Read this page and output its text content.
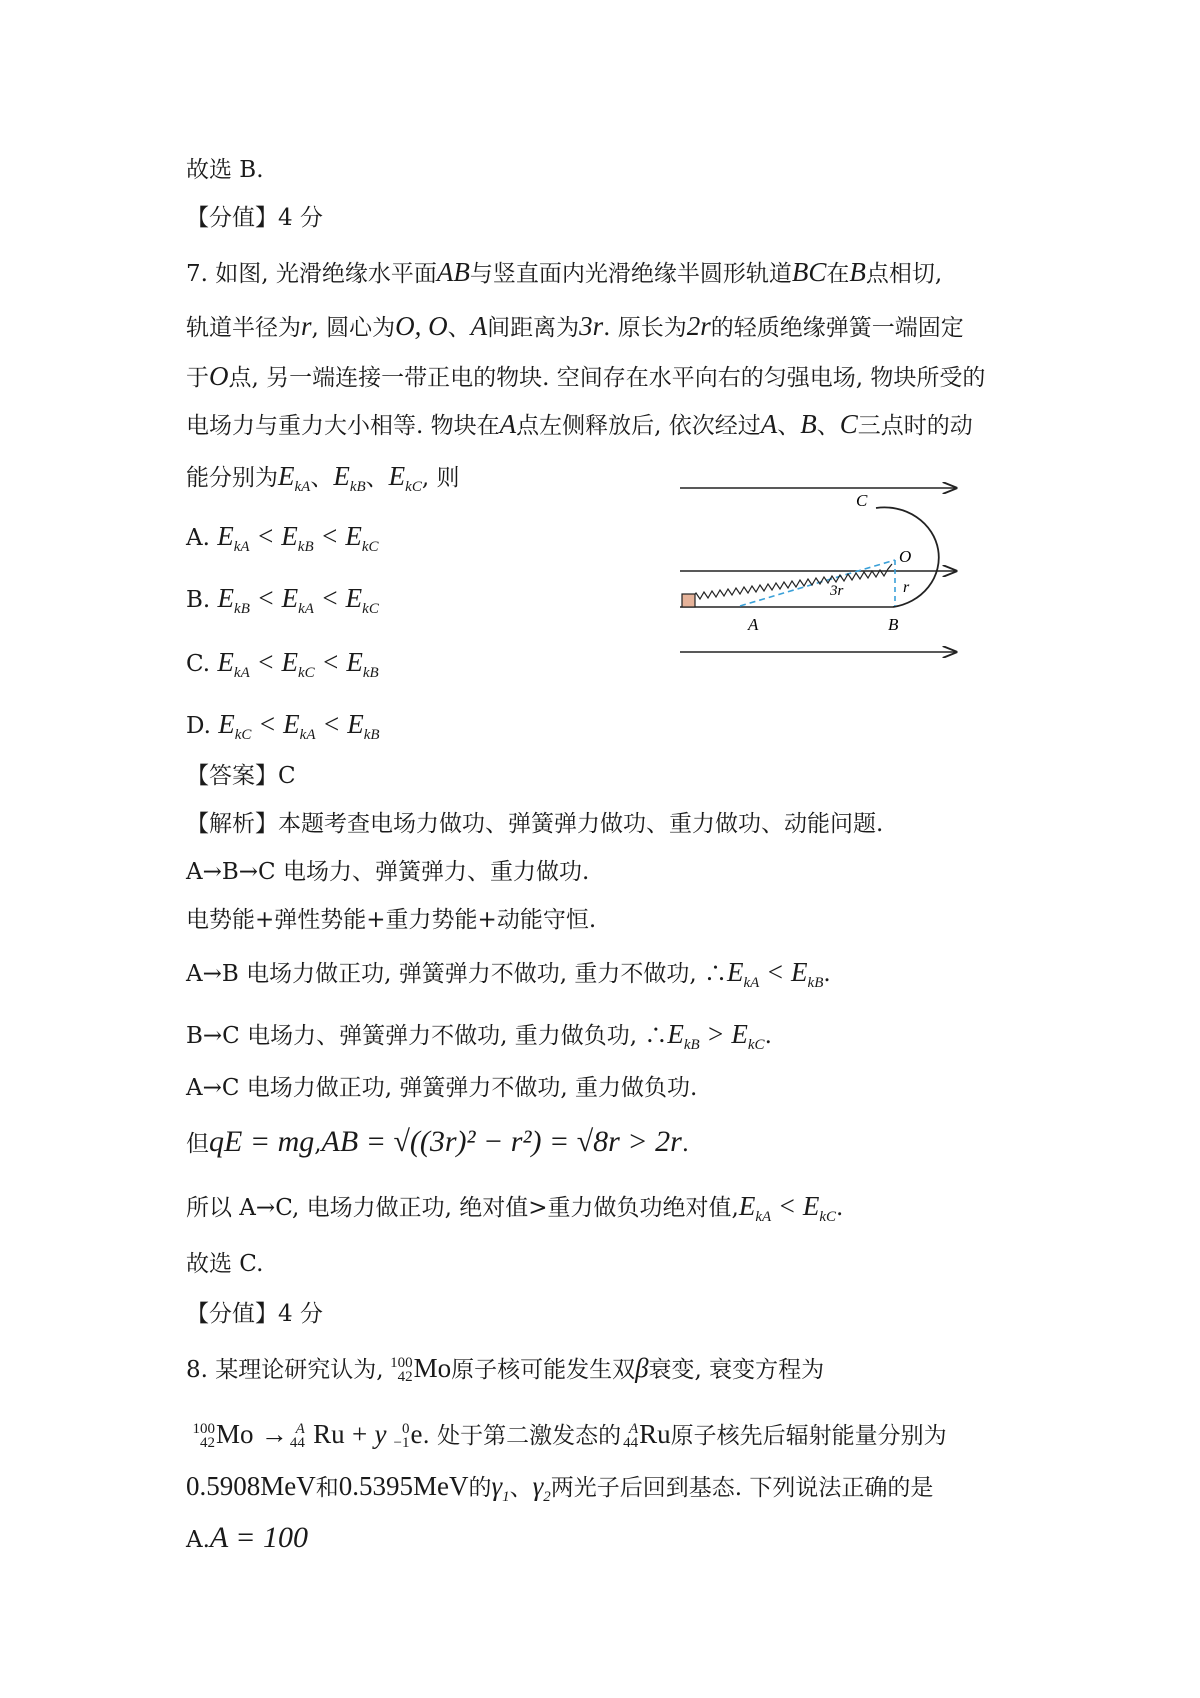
故选 B.
【分值】4 分
7. 如图, 光滑绝缘水平面AB与竖直面内光滑绝缘半圆形轨道BC在B点相切,
轨道半径为r, 圆心为O, O、A间距离为3r. 原长为2r的轻质绝缘弹簧一端固定
于O点, 另一端连接一带正电的物块. 空间存在水平向右的匀强电场, 物块所受的
电场力与重力大小相等. 物块在A点左侧释放后, 依次经过A、B、C三点时的动
能分别为$E_{kA}$、$E_{kB}$、$E_{kC}$, 则
A. $E_{kA} < E_{kB} < E_{kC}$
B. $E_{kB} < E_{kA} < E_{kC}$
C. $E_{kA} < E_{kC} < E_{kB}$
D. $E_{kC} < E_{kA} < E_{kB}$
C
O
3r	r
A	B
【答案】C
【解析】本题考查电场力做功、弹簧弹力做功、重力做功、动能问题.
A→B→C 电场力、弹簧弹力、重力做功.
电势能+弹性势能+重力势能+动能守恒.
A→B 电场力做正功, 弹簧弹力不做功, 重力不做功, $\therefore E_{kA} < E_{kB}$.
B→C 电场力、弹簧弹力不做功, 重力做负功, $\therefore E_{kB} > E_{kC}$.
A→C 电场力做正功, 弹簧弹力不做功, 重力做负功.
但qE = mg,AB = √((3r)² − r²) = √8r > 2r.
所以 A→C, 电场力做正功, 绝对值>重力做负功绝对值$,E_{kA} < E_{kC}$.
故选 C.
【分值】4 分
8. 某理论研究认为, 100
42 Mo原子核可能发生双β衰变, 衰变方程为
100
42 Mo → A
44 Ru + y 0
−1 e. 处于第二激发态的 A
44 Ru原子核先后辐射能量分别为
0.5908MeV和0.5395MeV的$\gamma_1$、$\gamma_2$两光子后回到基态. 下列说法正确的是
A.A = 100
